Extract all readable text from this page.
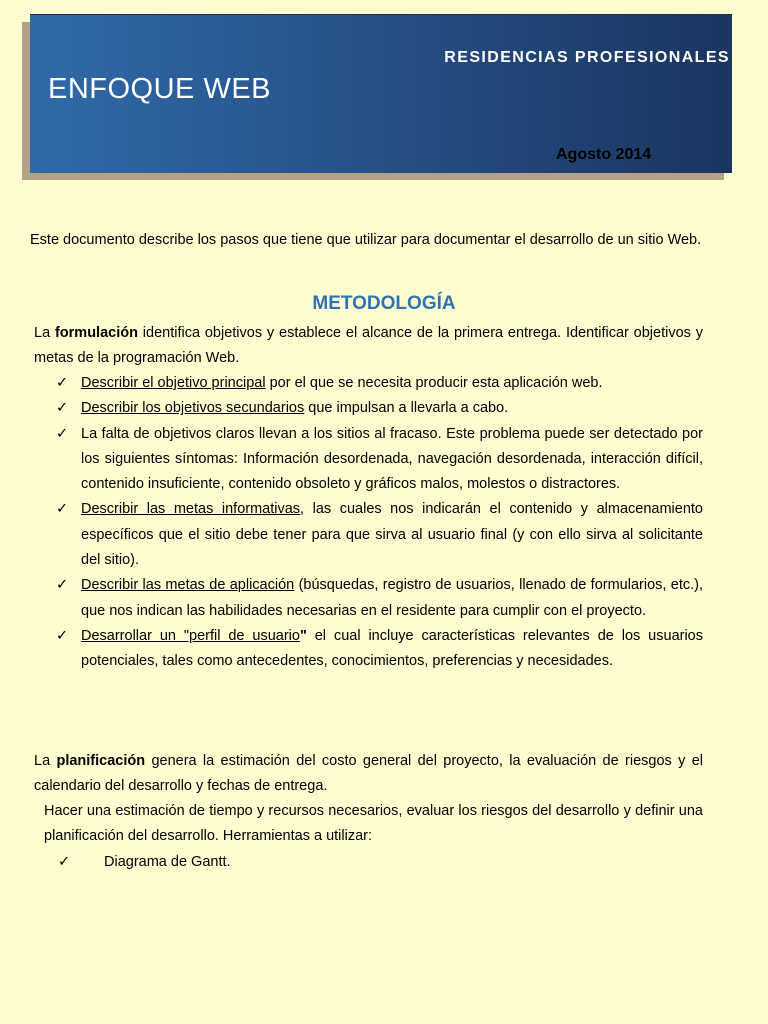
RESIDENCIAS PROFESIONALES
ENFOQUE WEB
Agosto 2014
Este documento describe los pasos que tiene que utilizar para documentar el desarrollo de un sitio Web.
METODOLOGÍA
La formulación identifica objetivos y establece el alcance de la primera entrega. Identificar objetivos y metas de la programación Web.
✓ Describir el objetivo principal por el que se necesita producir esta aplicación web.
✓ Describir los objetivos secundarios que impulsan a llevarla a cabo.
✓ La falta de objetivos claros llevan a los sitios al fracaso. Este problema puede ser detectado por los siguientes síntomas: Información desordenada, navegación desordenada, interacción difícil, contenido insuficiente, contenido obsoleto y gráficos malos, molestos o distractores.
✓ Describir las metas informativas, las cuales nos indicarán el contenido y almacenamiento específicos que el sitio debe tener para que sirva al usuario final (y con ello sirva al solicitante del sitio).
✓ Describir las metas de aplicación (búsquedas, registro de usuarios, llenado de formularios, etc.), que nos indican las habilidades necesarias en el residente para cumplir con el proyecto.
✓ Desarrollar un "perfil de usuario" el cual incluye características relevantes de los usuarios potenciales, tales como antecedentes, conocimientos, preferencias y necesidades.
La planificación genera la estimación del costo general del proyecto, la evaluación de riesgos y el calendario del desarrollo y fechas de entrega.
Hacer una estimación de tiempo y recursos necesarios, evaluar los riesgos del desarrollo y definir una planificación del desarrollo. Herramientas a utilizar:
✓ Diagrama de Gantt.
